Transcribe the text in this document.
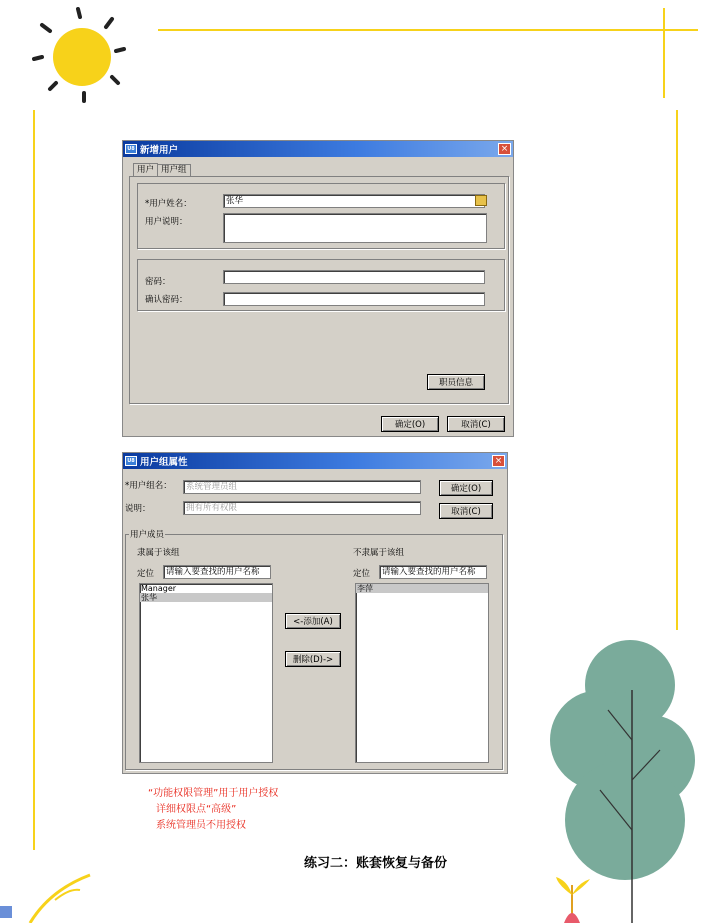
U8 新增用户	×
用户 用户组
*用户姓名：	张华
用户说明：
密码：
确认密码：
职员信息
确定(O)	取消(C)
U8 用户组属性	×
*用户组名：	系统管理员组
说明：	拥有所有权限
确定(O)
取消(C)
用户成员
隶属于该组
定位	请输入要查找的用户名称
Manager
张华
<-添加(A)
删除(D)->
不隶属于该组
定位	请输入要查找的用户名称
李萍
“功能权限管理”用于用户授权
详细权限点“高级”
系统管理员不用授权
练习二：账套恢复与备份
